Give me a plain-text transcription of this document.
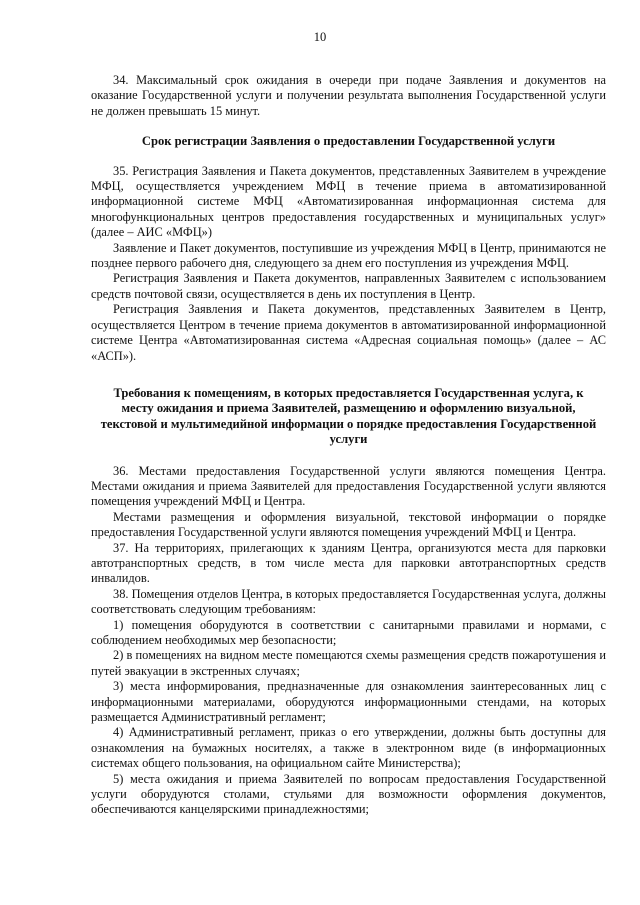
10

34. Максимальный срок ожидания в очереди при подаче Заявления и документов на оказание Государственной услуги и получении результата выполнения Государственной услуги не должен превышать 15 минут.

Срок регистрации Заявления о предоставлении Государственной услуги

35. Регистрация Заявления и Пакета документов, представленных Заявителем в учреждение МФЦ, осуществляется учреждением МФЦ в течение приема в автоматизированной информационной системе МФЦ «Автоматизированная информационная система для многофункциональных центров предоставления государственных и муниципальных услуг» (далее – АИС «МФЦ»)

Заявление и Пакет документов, поступившие из учреждения МФЦ в Центр, принимаются не позднее первого рабочего дня, следующего за днем его поступления из учреждения МФЦ.

Регистрация Заявления и Пакета документов, направленных Заявителем с использованием средств почтовой связи, осуществляется в день их поступления в Центр.

Регистрация Заявления и Пакета документов, представленных Заявителем в Центр, осуществляется Центром в течение приема документов в автоматизированной информационной системе Центра «Автоматизированная система «Адресная социальная помощь» (далее – АС «АСП»).

Требования к помещениям, в которых предоставляется Государственная услуга, к месту ожидания и приема Заявителей, размещению и оформлению визуальной, текстовой и мультимедийной информации о порядке предоставления Государственной услуги

36. Местами предоставления Государственной услуги являются помещения Центра. Местами ожидания и приема Заявителей для предоставления Государственной услуги являются помещения учреждений МФЦ и Центра.

Местами размещения и оформления визуальной, текстовой информации о порядке предоставления Государственной услуги являются помещения учреждений МФЦ и Центра.

37. На территориях, прилегающих к зданиям Центра, организуются места для парковки автотранспортных средств, в том числе места для парковки автотранспортных средств инвалидов.

38. Помещения отделов Центра, в которых предоставляется Государственная услуга, должны соответствовать следующим требованиям:

1) помещения оборудуются в соответствии с санитарными правилами и нормами, с соблюдением необходимых мер безопасности;

2) в помещениях на видном месте помещаются схемы размещения средств пожаротушения и путей эвакуации в экстренных случаях;

3) места информирования, предназначенные для ознакомления заинтересованных лиц с информационными материалами, оборудуются информационными стендами, на которых размещается Административный регламент;

4) Административный регламент, приказ о его утверждении, должны быть доступны для ознакомления на бумажных носителях, а также в электронном виде (в информационных системах общего пользования, на официальном сайте Министерства);

5) места ожидания и приема Заявителей по вопросам предоставления Государственной услуги оборудуются столами, стульями для возможности оформления документов, обеспечиваются канцелярскими принадлежностями;
